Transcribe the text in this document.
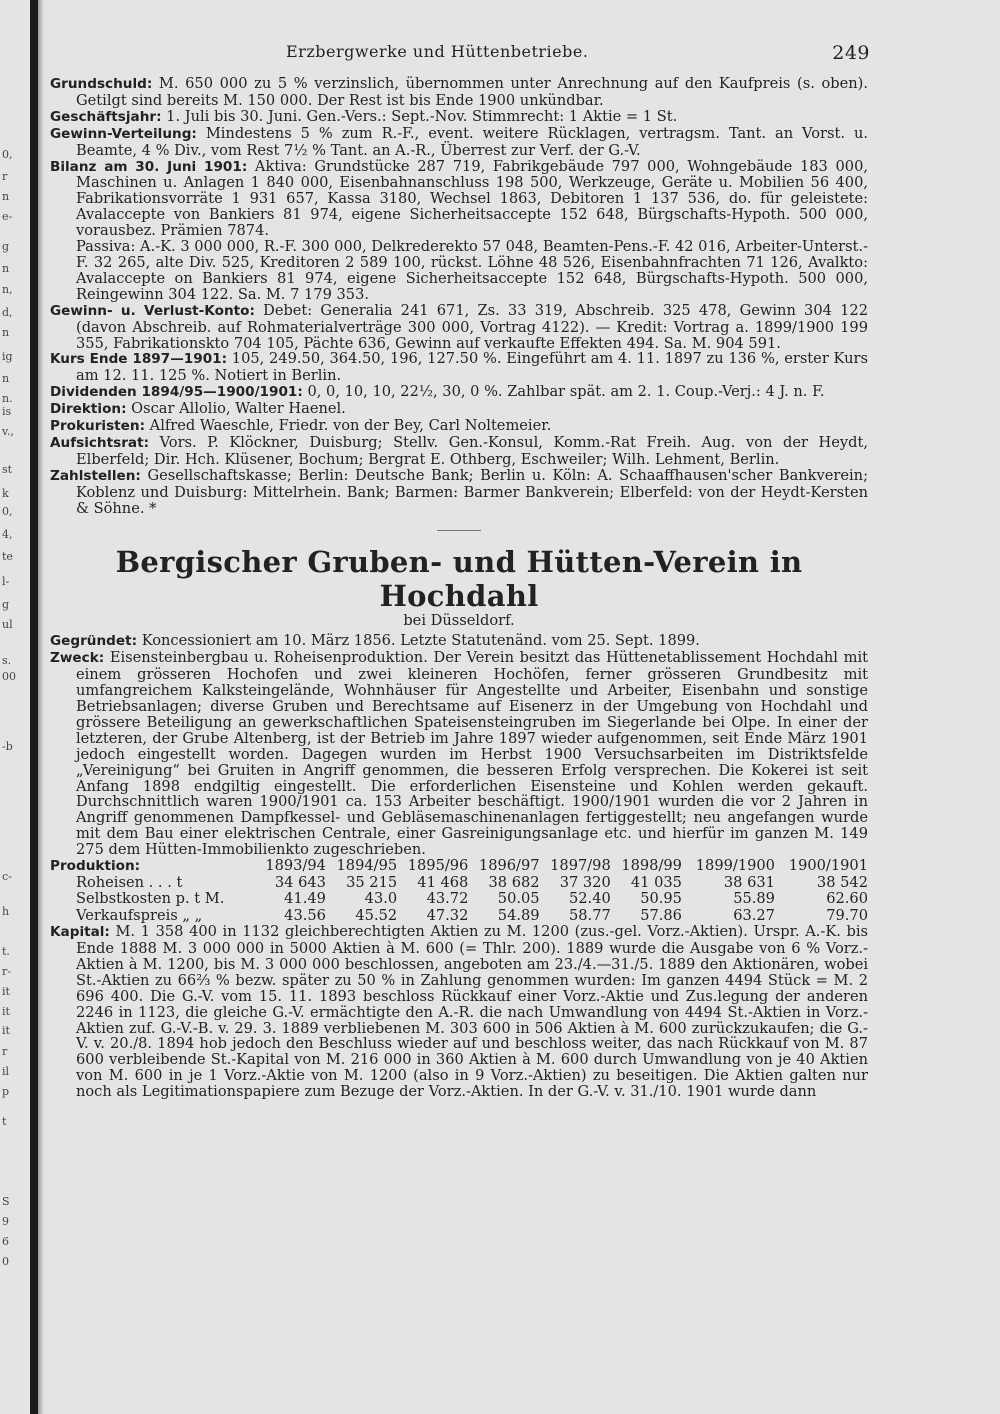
0,
r
n
e-
g
n
n,
d,
n
ig
n
n.
is
v.,
st
k
0,
4,
te
l-
g
ul
s.
00
-b
c-
h
t.
r-
it
it
it
r
il
p
t
S
9
6
0
Erzbergwerke und Hüttenbetriebe.	249

Grundschuld: M. 650 000 zu 5 % verzinslich, übernommen unter Anrechnung auf den Kaufpreis (s. oben). Getilgt sind bereits M. 150 000. Der Rest ist bis Ende 1900 unkündbar.

Geschäftsjahr: 1. Juli bis 30. Juni. Gen.-Vers.: Sept.-Nov. Stimmrecht: 1 Aktie = 1 St.

Gewinn-Verteilung: Mindestens 5 % zum R.-F., event. weitere Rücklagen, vertragsm. Tant. an Vorst. u. Beamte, 4 % Div., vom Rest 7½ % Tant. an A.-R., Überrest zur Verf. der G.-V.

Bilanz am 30. Juni 1901: Aktiva: Grundstücke 287 719, Fabrikgebäude 797 000, Wohngebäude 183 000, Maschinen u. Anlagen 1 840 000, Eisenbahnanschluss 198 500, Werkzeuge, Geräte u. Mobilien 56 400, Fabrikationsvorräte 1 931 657, Kassa 3180, Wechsel 1863, Debitoren 1 137 536, do. für geleistete: Avalaccepte von Bankiers 81 974, eigene Sicherheitsaccepte 152 648, Bürgschafts-Hypoth. 500 000, vorausbez. Prämien 7874.

Passiva: A.-K. 3 000 000, R.-F. 300 000, Delkrederekto 57 048, Beamten-Pens.-F. 42 016, Arbeiter-Unterst.-F. 32 265, alte Div. 525, Kreditoren 2 589 100, rückst. Löhne 48 526, Eisenbahnfrachten 71 126, Avalkto: Avalaccepte on Bankiers 81 974, eigene Sicherheitsaccepte 152 648, Bürgschafts-Hypoth. 500 000, Reingewinn 304 122. Sa. M. 7 179 353.

Gewinn- u. Verlust-Konto: Debet: Generalia 241 671, Zs. 33 319, Abschreib. 325 478, Gewinn 304 122 (davon Abschreib. auf Rohmaterialverträge 300 000, Vortrag 4122). — Kredit: Vortrag a. 1899/1900 199 355, Fabrikationskto 704 105, Pächte 636, Gewinn auf verkaufte Effekten 494. Sa. M. 904 591.

Kurs Ende 1897—1901: 105, 249.50, 364.50, 196, 127.50 %. Eingeführt am 4. 11. 1897 zu 136 %, erster Kurs am 12. 11. 125 %. Notiert in Berlin.

Dividenden 1894/95—1900/1901: 0, 0, 10, 10, 22½, 30, 0 %. Zahlbar spät. am 2. 1. Coup.-Verj.: 4 J. n. F.

Direktion: Oscar Allolio, Walter Haenel.

Prokuristen: Alfred Waeschle, Friedr. von der Bey, Carl Noltemeier.

Aufsichtsrat: Vors. P. Klöckner, Duisburg; Stellv. Gen.-Konsul, Komm.-Rat Freih. Aug. von der Heydt, Elberfeld; Dir. Hch. Klüsener, Bochum; Bergrat E. Othberg, Eschweiler; Wilh. Lehment, Berlin.

Zahlstellen: Gesellschaftskasse; Berlin: Deutsche Bank; Berlin u. Köln: A. Schaaffhausen'scher Bankverein; Koblenz und Duisburg: Mittelrhein. Bank; Barmen: Barmer Bankverein; Elberfeld: von der Heydt-Kersten & Söhne. *

Bergischer Gruben- und Hütten-Verein in Hochdahl

bei Düsseldorf.

Gegründet: Koncessioniert am 10. März 1856. Letzte Statutenänd. vom 25. Sept. 1899.

Zweck: Eisensteinbergbau u. Roheisenproduktion. Der Verein besitzt das Hüttenetablissement Hochdahl mit einem grösseren Hochofen und zwei kleineren Hochöfen, ferner grösseren Grundbesitz mit umfangreichem Kalksteingelände, Wohnhäuser für Angestellte und Arbeiter, Eisenbahn und sonstige Betriebsanlagen; diverse Gruben und Berechtsame auf Eisenerz in der Umgebung von Hochdahl und grössere Beteiligung an gewerkschaftlichen Spateisensteingruben im Siegerlande bei Olpe. In einer der letzteren, der Grube Altenberg, ist der Betrieb im Jahre 1897 wieder aufgenommen, seit Ende März 1901 jedoch eingestellt worden. Dagegen wurden im Herbst 1900 Versuchsarbeiten im Distriktsfelde „Vereinigung“ bei Gruiten in Angriff genommen, die besseren Erfolg versprechen. Die Kokerei ist seit Anfang 1898 endgiltig eingestellt. Die erforderlichen Eisensteine und Kohlen werden gekauft. Durchschnittlich waren 1900/1901 ca. 153 Arbeiter beschäftigt. 1900/1901 wurden die vor 2 Jahren in Angriff genommenen Dampfkessel- und Gebläsemaschinenanlagen fertiggestellt; neu angefangen wurde mit dem Bau einer elektrischen Centrale, einer Gasreinigungsanlage etc. und hierfür im ganzen M. 149 275 dem Hütten-Immobilienkto zugeschrieben.

Produktion:	1893/94	1894/95	1895/96	1896/97	1897/98	1898/99	1899/1900	1900/1901
Roheisen . . . t	34 643	35 215	41 468	38 682	37 320	41 035	38 631	38 542
Selbstkosten p. t M.	41.49	43.0	43.72	50.05	52.40	50.95	55.89	62.60
Verkaufspreis „ „	43.56	45.52	47.32	54.89	58.77	57.86	63.27	79.70

Kapital: M. 1 358 400 in 1132 gleichberechtigten Aktien zu M. 1200 (zus.-gel. Vorz.-Aktien). Urspr. A.-K. bis Ende 1888 M. 3 000 000 in 5000 Aktien à M. 600 (= Thlr. 200). 1889 wurde die Ausgabe von 6 % Vorz.-Aktien à M. 1200, bis M. 3 000 000 beschlossen, angeboten am 23./4.—31./5. 1889 den Aktionären, wobei St.-Aktien zu 66⅔ % bezw. später zu 50 % in Zahlung genommen wurden: Im ganzen 4494 Stück = M. 2 696 400. Die G.-V. vom 15. 11. 1893 beschloss Rückkauf einer Vorz.-Aktie und Zus.legung der anderen 2246 in 1123, die gleiche G.-V. ermächtigte den A.-R. die nach Umwandlung von 4494 St.-Aktien in Vorz.-Aktien zuf. G.-V.-B. v. 29. 3. 1889 verbliebenen M. 303 600 in 506 Aktien à M. 600 zurückzukaufen; die G.-V. v. 20./8. 1894 hob jedoch den Beschluss wieder auf und beschloss weiter, das nach Rückkauf von M. 87 600 verbleibende St.-Kapital von M. 216 000 in 360 Aktien à M. 600 durch Umwandlung von je 40 Aktien von M. 600 in je 1 Vorz.-Aktie von M. 1200 (also in 9 Vorz.-Aktien) zu beseitigen. Die Aktien galten nur noch als Legitimationspapiere zum Bezuge der Vorz.-Aktien. In der G.-V. v. 31./10. 1901 wurde dann
